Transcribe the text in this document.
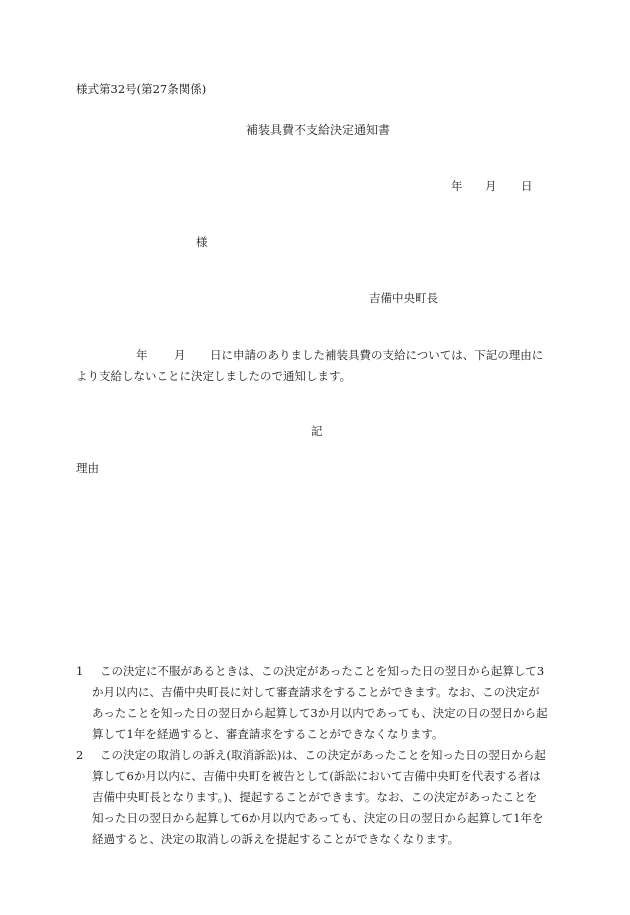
様式第32号(第27条関係)
補装具費不支給決定通知書
年 月 日
様
吉備中央町長
年 月 日に申請のありました補装具費の支給については、下記の理由に
より支給しないことに決定しましたので通知します。
記
理由
1	この決定に不服があるときは、この決定があったことを知った日の翌日から起算して3
か月以内に、吉備中央町長に対して審査請求をすることができます。なお、この決定が
あったことを知った日の翌日から起算して3か月以内であっても、決定の日の翌日から起
算して1年を経過すると、審査請求をすることができなくなります。
2	この決定の取消しの訴え(取消訴訟)は、この決定があったことを知った日の翌日から起
算して6か月以内に、吉備中央町を被告として(訴訟において吉備中央町を代表する者は
吉備中央町長となります。)、提起することができます。なお、この決定があったことを
知った日の翌日から起算して6か月以内であっても、決定の日の翌日から起算して1年を
経過すると、決定の取消しの訴えを提起することができなくなります。
